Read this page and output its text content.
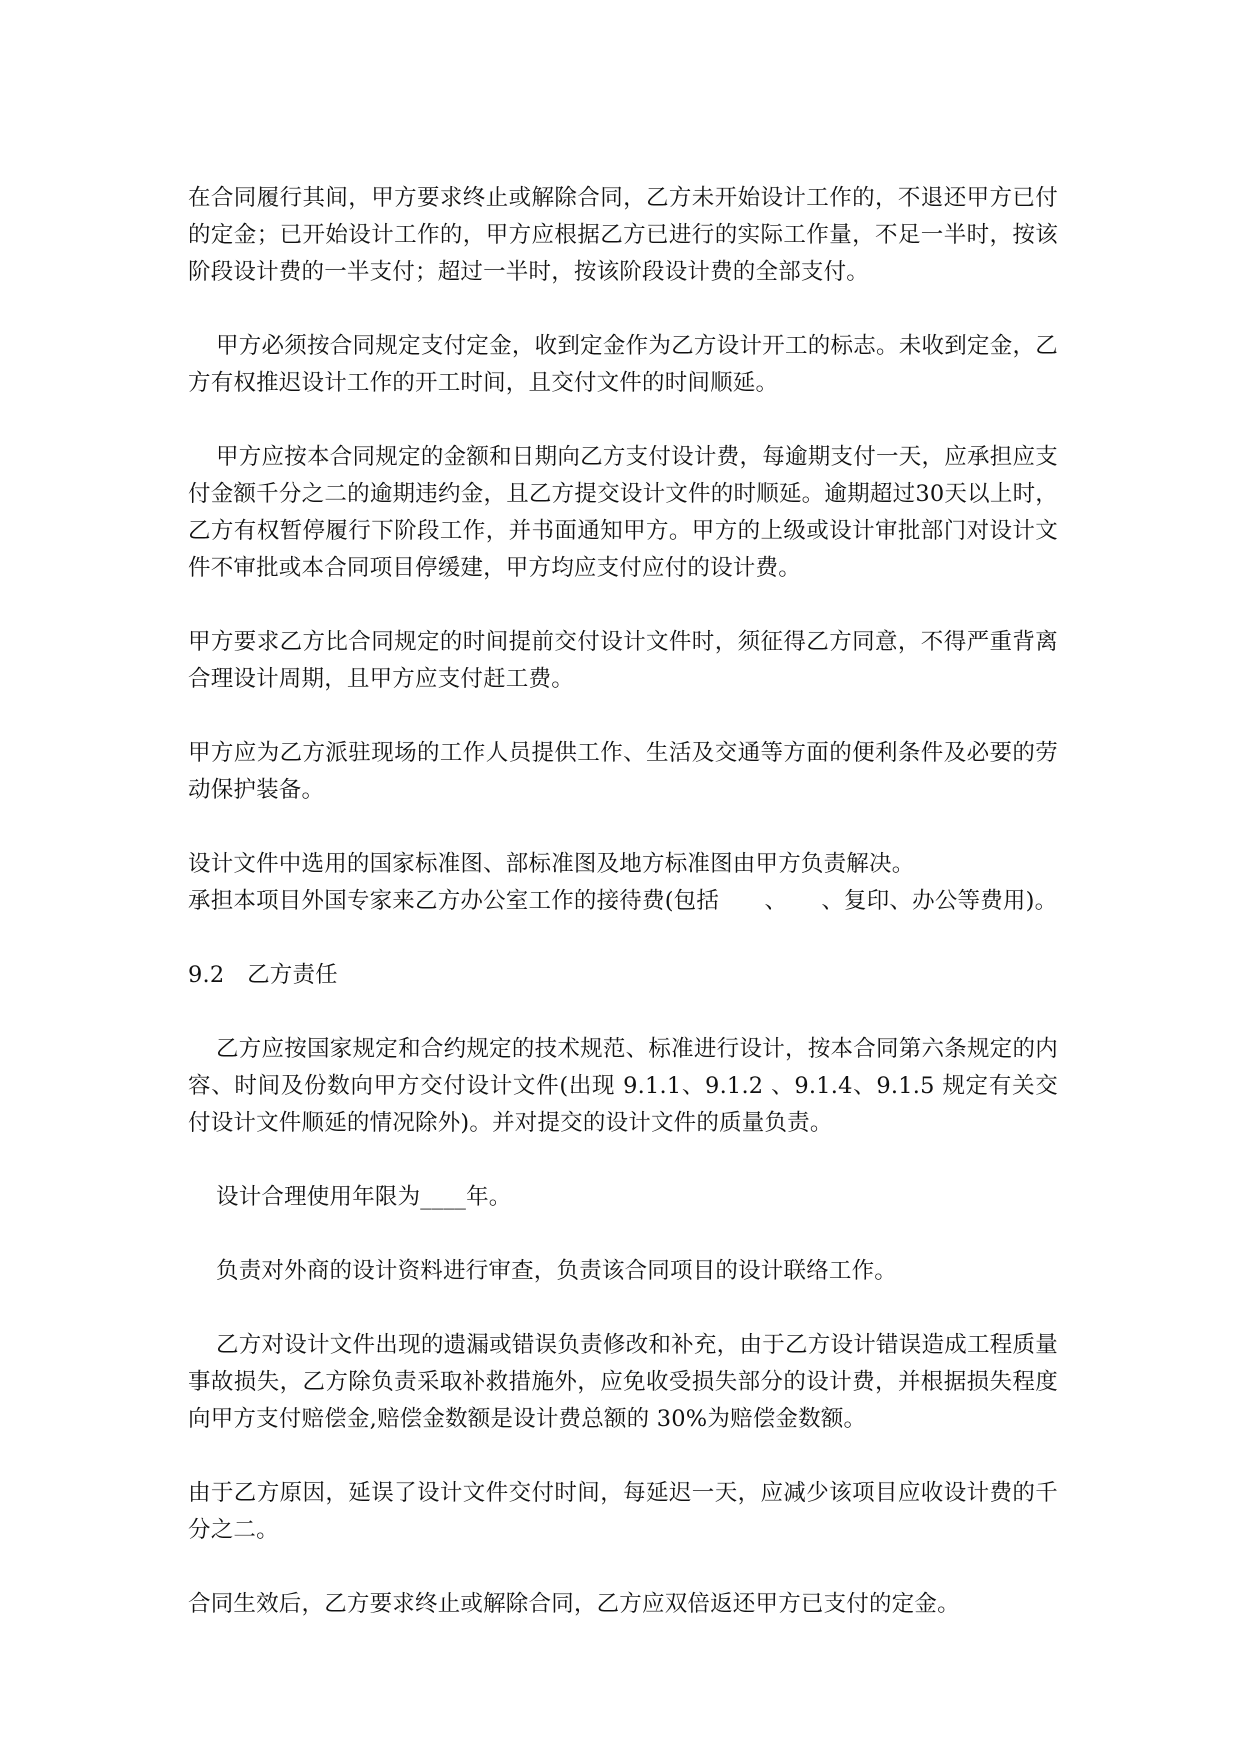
在合同履行其间，甲方要求终止或解除合同，乙方未开始设计工作的，不退还甲方已付的定金；已开始设计工作的，甲方应根据乙方已进行的实际工作量，不足一半时，按该阶段设计费的一半支付；超过一半时，按该阶段设计费的全部支付。

甲方必须按合同规定支付定金，收到定金作为乙方设计开工的标志。未收到定金，乙方有权推迟设计工作的开工时间，且交付文件的时间顺延。

甲方应按本合同规定的金额和日期向乙方支付设计费，每逾期支付一天，应承担应支付金额千分之二的逾期违约金，且乙方提交设计文件的时顺延。逾期超过30天以上时，乙方有权暂停履行下阶段工作，并书面通知甲方。甲方的上级或设计审批部门对设计文件不审批或本合同项目停缓建，甲方均应支付应付的设计费。

甲方要求乙方比合同规定的时间提前交付设计文件时，须征得乙方同意，不得严重背离合理设计周期，且甲方应支付赶工费。

甲方应为乙方派驻现场的工作人员提供工作、生活及交通等方面的便利条件及必要的劳动保护装备。

设计文件中选用的国家标准图、部标准图及地方标准图由甲方负责解决。

承担本项目外国专家来乙方办公室工作的接待费(包括　　、　　、复印、办公等费用)。

9.2　乙方责任

乙方应按国家规定和合约规定的技术规范、标准进行设计，按本合同第六条规定的内容、时间及份数向甲方交付设计文件(出现 9.1.1、9.1.2 、9.1.4、9.1.5 规定有关交付设计文件顺延的情况除外)。并对提交的设计文件的质量负责。

设计合理使用年限为____年。

负责对外商的设计资料进行审查，负责该合同项目的设计联络工作。

乙方对设计文件出现的遗漏或错误负责修改和补充，由于乙方设计错误造成工程质量事故损失，乙方除负责采取补救措施外，应免收受损失部分的设计费，并根据损失程度向甲方支付赔偿金,赔偿金数额是设计费总额的 30%为赔偿金数额。

由于乙方原因，延误了设计文件交付时间，每延迟一天，应减少该项目应收设计费的千分之二。

合同生效后，乙方要求终止或解除合同，乙方应双倍返还甲方已支付的定金。
